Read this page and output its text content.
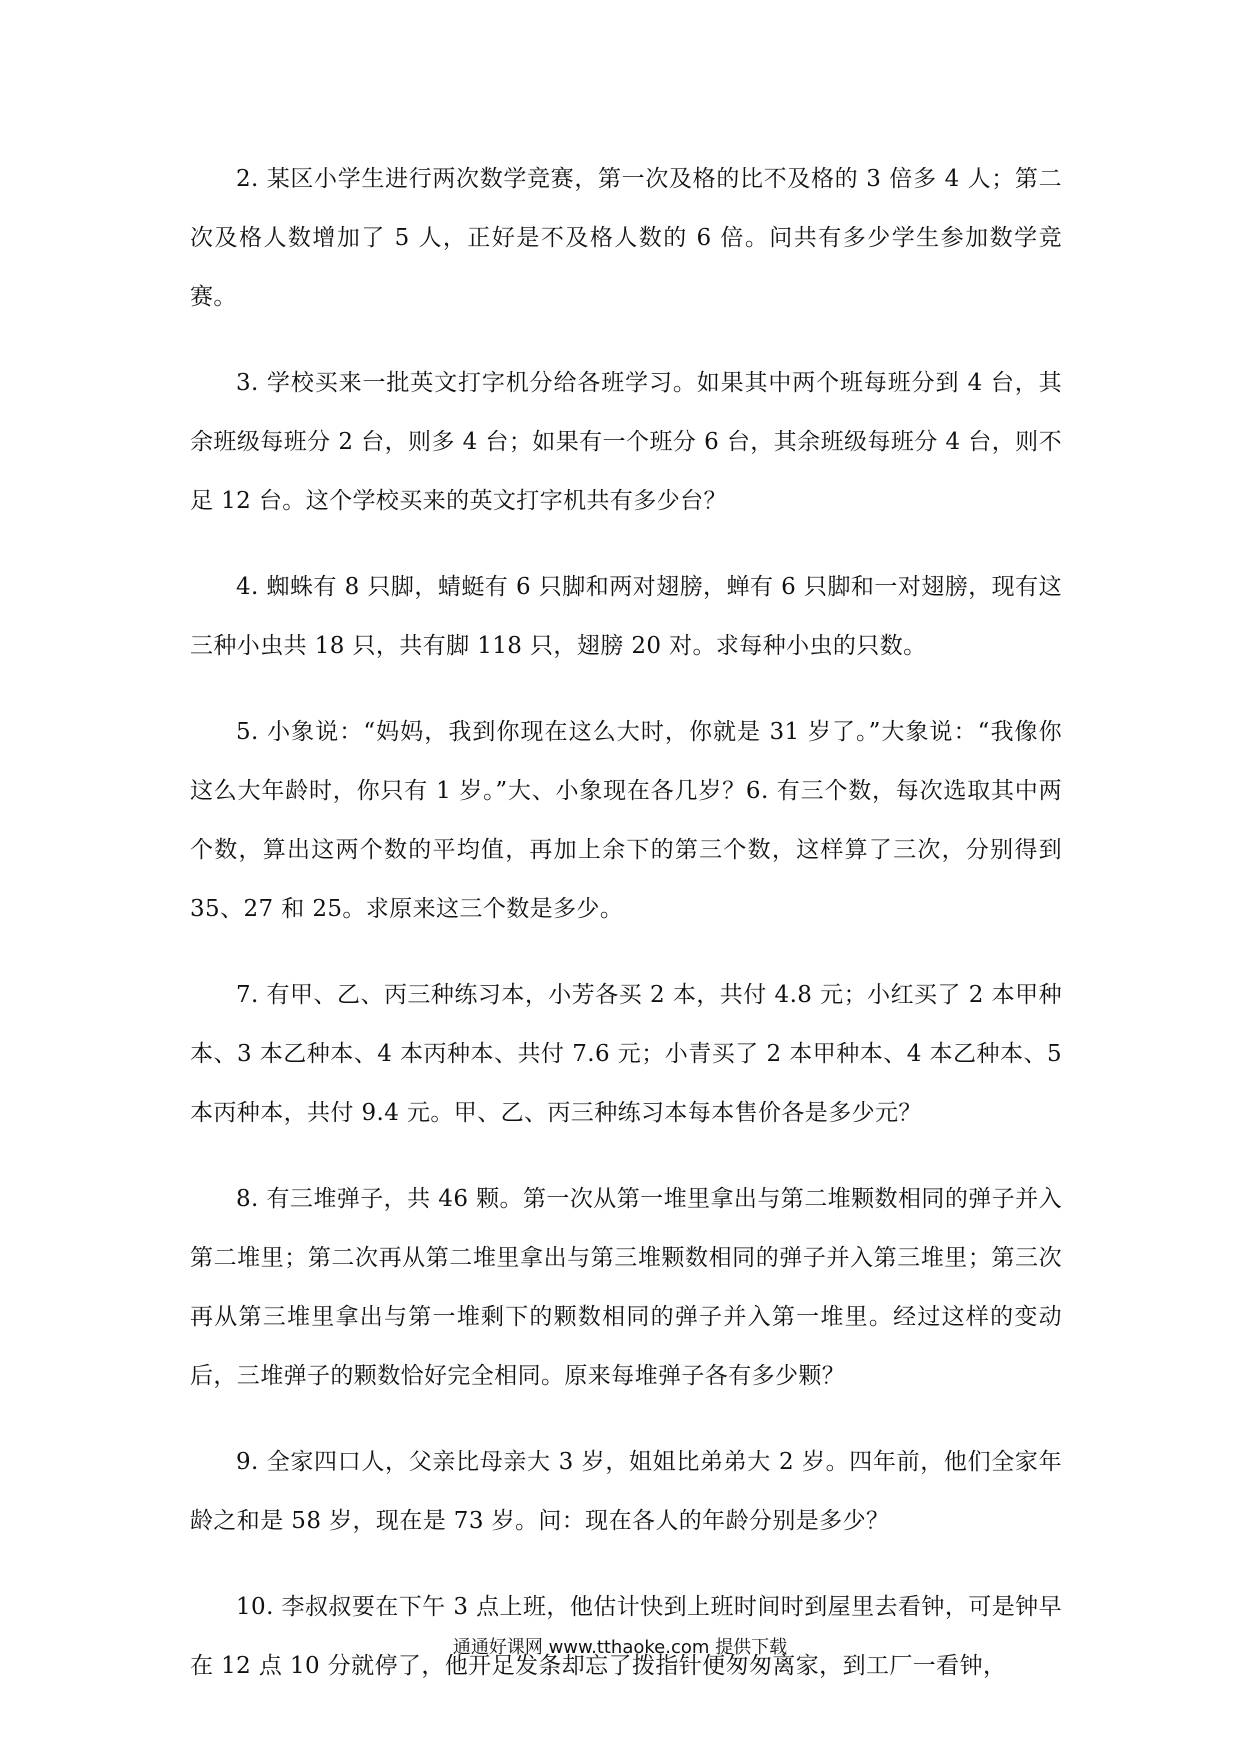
2. 某区小学生进行两次数学竞赛，第一次及格的比不及格的 3 倍多 4 人；第二次及格人数增加了 5 人，正好是不及格人数的 6 倍。问共有多少学生参加数学竞赛。

3. 学校买来一批英文打字机分给各班学习。如果其中两个班每班分到 4 台，其余班级每班分 2 台，则多 4 台；如果有一个班分 6 台，其余班级每班分 4 台，则不足 12 台。这个学校买来的英文打字机共有多少台？

4. 蜘蛛有 8 只脚，蜻蜓有 6 只脚和两对翅膀，蝉有 6 只脚和一对翅膀，现有这三种小虫共 18 只，共有脚 118 只，翅膀 20 对。求每种小虫的只数。

5. 小象说：“妈妈，我到你现在这么大时，你就是 31 岁了。”大象说：“我像你这么大年龄时，你只有 1 岁。”大、小象现在各几岁？6. 有三个数，每次选取其中两个数，算出这两个数的平均值，再加上余下的第三个数，这样算了三次，分别得到 35、27 和 25。求原来这三个数是多少。

7. 有甲、乙、丙三种练习本，小芳各买 2 本，共付 4.8 元；小红买了 2 本甲种本、3 本乙种本、4 本丙种本、共付 7.6 元；小青买了 2 本甲种本、4 本乙种本、5 本丙种本，共付 9.4 元。甲、乙、丙三种练习本每本售价各是多少元？

8. 有三堆弹子，共 46 颗。第一次从第一堆里拿出与第二堆颗数相同的弹子并入第二堆里；第二次再从第二堆里拿出与第三堆颗数相同的弹子并入第三堆里；第三次再从第三堆里拿出与第一堆剩下的颗数相同的弹子并入第一堆里。经过这样的变动后，三堆弹子的颗数恰好完全相同。原来每堆弹子各有多少颗？

9. 全家四口人，父亲比母亲大 3 岁，姐姐比弟弟大 2 岁。四年前，他们全家年龄之和是 58 岁，现在是 73 岁。问：现在各人的年龄分别是多少？

10. 李叔叔要在下午 3 点上班，他估计快到上班时间时到屋里去看钟，可是钟早在 12 点 10 分就停了，他开足发条却忘了拨指针便匆匆离家，到工厂一看钟，

通通好课网 www.tthaoke.com 提供下载
